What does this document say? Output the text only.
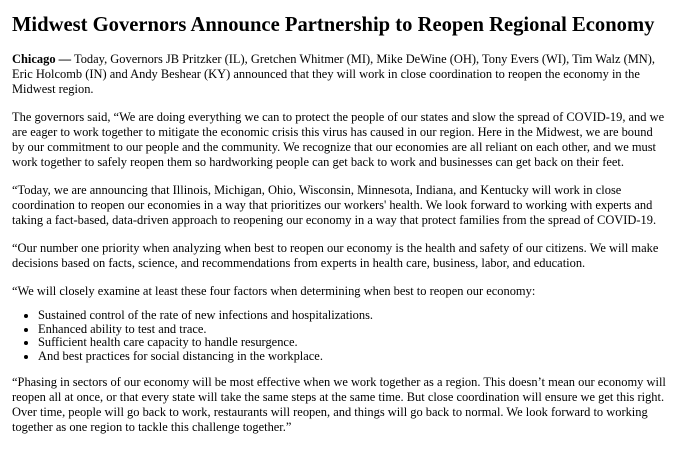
Midwest Governors Announce Partnership to Reopen Regional Economy

Chicago — Today, Governors JB Pritzker (IL), Gretchen Whitmer (MI), Mike DeWine (OH), Tony Evers (WI), Tim Walz (MN), Eric Holcomb (IN) and Andy Beshear (KY) announced that they will work in close coordination to reopen the economy in the Midwest region.

The governors said, “We are doing everything we can to protect the people of our states and slow the spread of COVID-19, and we are eager to work together to mitigate the economic crisis this virus has caused in our region. Here in the Midwest, we are bound by our commitment to our people and the community. We recognize that our economies are all reliant on each other, and we must work together to safely reopen them so hardworking people can get back to work and businesses can get back on their feet.

“Today, we are announcing that Illinois, Michigan, Ohio, Wisconsin, Minnesota, Indiana, and Kentucky will work in close coordination to reopen our economies in a way that prioritizes our workers' health. We look forward to working with experts and taking a fact-based, data-driven approach to reopening our economy in a way that protect families from the spread of COVID-19.

“Our number one priority when analyzing when best to reopen our economy is the health and safety of our citizens. We will make decisions based on facts, science, and recommendations from experts in health care, business, labor, and education.

“We will closely examine at least these four factors when determining when best to reopen our economy:

• Sustained control of the rate of new infections and hospitalizations.
• Enhanced ability to test and trace.
• Sufficient health care capacity to handle resurgence.
• And best practices for social distancing in the workplace.

“Phasing in sectors of our economy will be most effective when we work together as a region. This doesn’t mean our economy will reopen all at once, or that every state will take the same steps at the same time. But close coordination will ensure we get this right. Over time, people will go back to work, restaurants will reopen, and things will go back to normal. We look forward to working together as one region to tackle this challenge together.”
